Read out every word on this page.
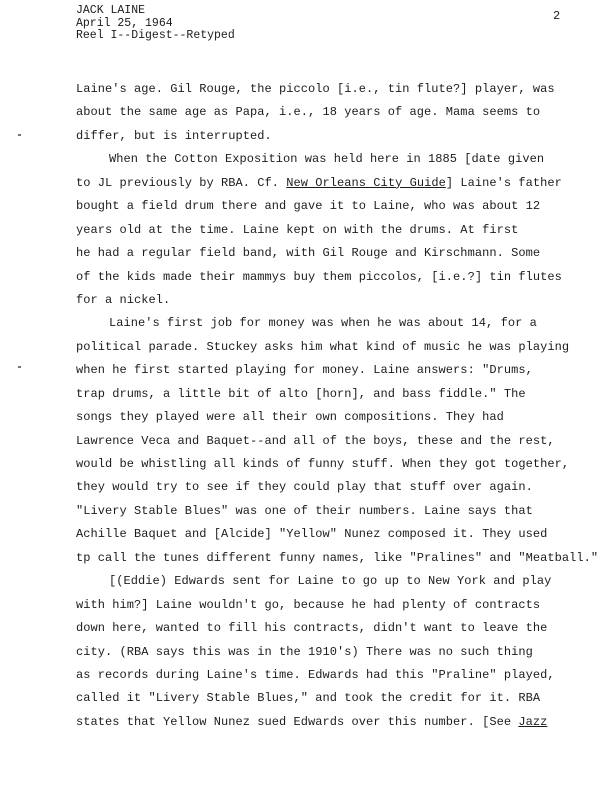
JACK LAINE
April 25, 1964
Reel I--Digest--Retyped
2
Laine's age. Gil Rouge, the piccolo [i.e., tin flute?] player, was
about the same age as Papa, i.e., 18 years of age. Mama seems to
differ, but is interrupted.
When the Cotton Exposition was held here in 1885 [date given
to JL previously by RBA. Cf. New Orleans City Guide] Laine's father
bought a field drum there and gave it to Laine, who was about 12
years old at the time. Laine kept on with the drums. At first
he had a regular field band, with Gil Rouge and Kirschmann. Some
of the kids made their mammys buy them piccolos, [i.e.?] tin flutes
for a nickel.
Laine's first job for money was when he was about 14, for a
political parade. Stuckey asks him what kind of music he was playing
when he first started playing for money. Laine answers: "Drums,
trap drums, a little bit of alto [horn], and bass fiddle." The
songs they played were all their own compositions. They had
Lawrence Veca and Baquet--and all of the boys, these and the rest,
would be whistling all kinds of funny stuff. When they got together,
they would try to see if they could play that stuff over again.
"Livery Stable Blues" was one of their numbers. Laine says that
Achille Baquet and [Alcide] "Yellow" Nunez composed it. They used
tp call the tunes different funny names, like "Pralines" and "Meatball."
[(Eddie) Edwards sent for Laine to go up to New York and play
with him?] Laine wouldn't go, because he had plenty of contracts
down here, wanted to fill his contracts, didn't want to leave the
city. (RBA says this was in the 1910's) There was no such thing
as records during Laine's time. Edwards had this "Praline" played,
called it "Livery Stable Blues," and took the credit for it. RBA
states that Yellow Nunez sued Edwards over this number. [See Jazz
